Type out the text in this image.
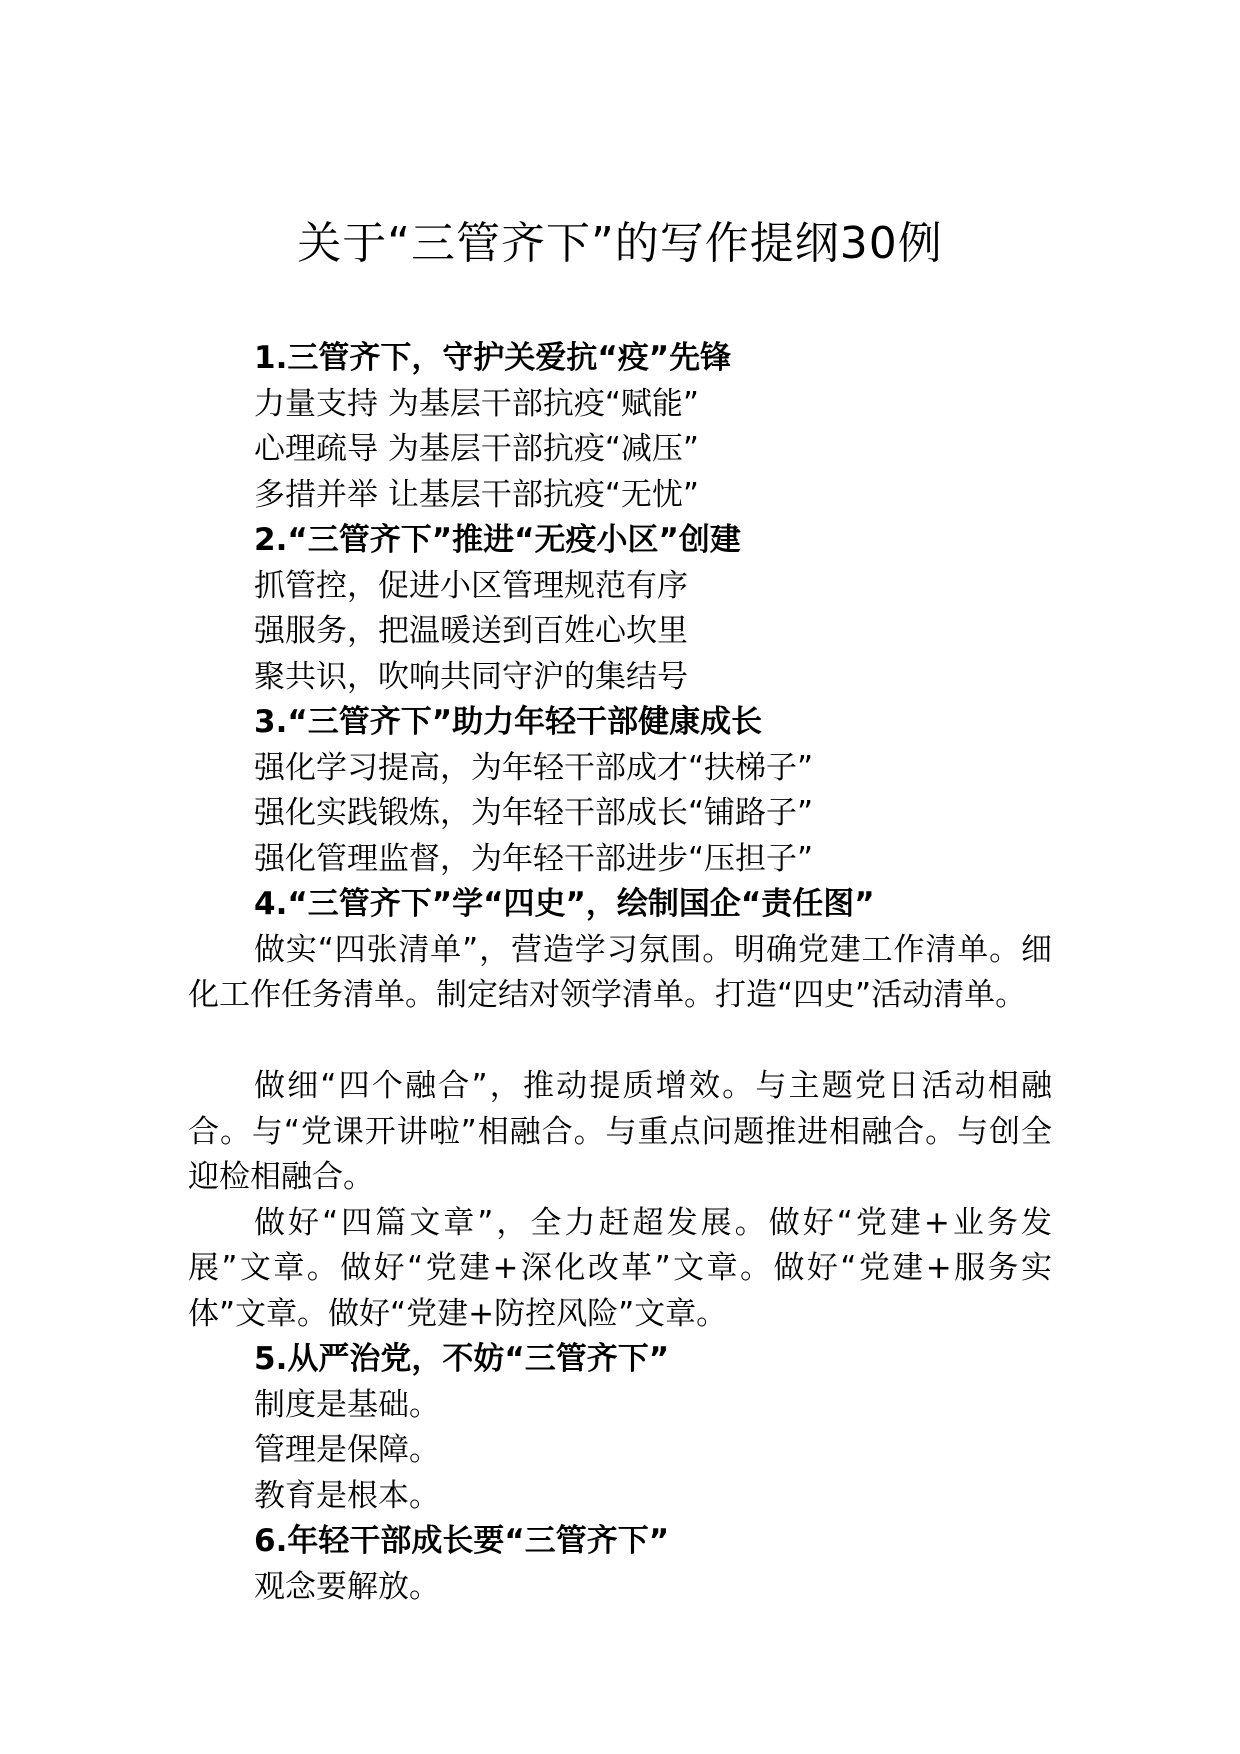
关于“三管齐下”的写作提纲30例
1.三管齐下，守护关爱抗“疫”先锋
力量支持 为基层干部抗疫“赋能”
心理疏导 为基层干部抗疫“减压”
多措并举 让基层干部抗疫“无忧”
2.“三管齐下”推进“无疫小区”创建
抓管控，促进小区管理规范有序
强服务，把温暖送到百姓心坎里
聚共识，吹响共同守沪的集结号
3.“三管齐下”助力年轻干部健康成长
强化学习提高，为年轻干部成才“扶梯子”
强化实践锻炼，为年轻干部成长“铺路子”
强化管理监督，为年轻干部进步“压担子”
4.“三管齐下”学“四史”，绘制国企“责任图”

做实“四张清单”，营造学习氛围。明确党建工作清单。细化工作任务清单。制定结对领学清单。打造“四史”活动清单。

做细“四个融合”，推动提质增效。与主题党日活动相融合。与“党课开讲啦”相融合。与重点问题推进相融合。与创全迎检相融合。

做好“四篇文章”，全力赶超发展。做好“党建+业务发展”文章。做好“党建+深化改革”文章。做好“党建+服务实体”文章。做好“党建+防控风险”文章。

5.从严治党，不妨“三管齐下”
制度是基础。
管理是保障。
教育是根本。
6.年轻干部成长要“三管齐下”
观念要解放。
